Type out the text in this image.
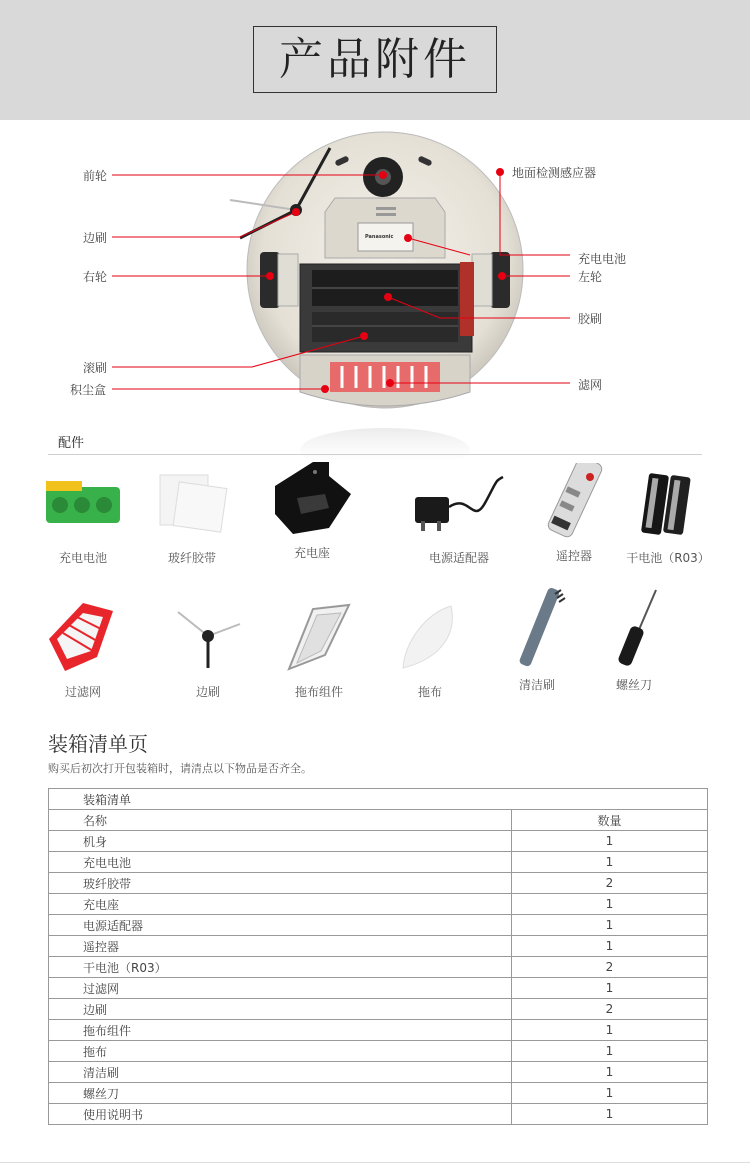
产品附件
前轮
边刷
右轮
滚刷
积尘盒
地面检测感应器
充电电池
左轮
胶刷
滤网
Panasonic
配件
充电电池	玻纤胶带	充电座	电源适配器	遥控器	干电池（R03）
过滤网	边刷	拖布组件	拖布	清洁刷	螺丝刀
装箱清单页
购买后初次打开包装箱时，请清点以下物品是否齐全。
装箱清单	
名称	数量
机身	1
充电电池	1
玻纤胶带	2
充电座	1
电源适配器	1
遥控器	1
干电池（R03）	2
过滤网	1
边刷	2
拖布组件	1
拖布	1
清洁刷	1
螺丝刀	1
使用说明书	1
